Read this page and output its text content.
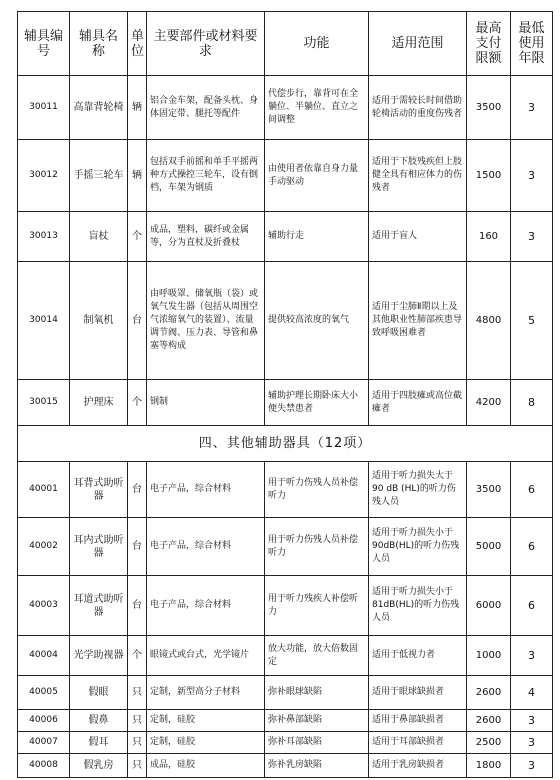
辅具编号	辅具名称	单位	主要部件或材料要求	功能	适用范围	最高支付限额	最低使用年限
30011	高靠背轮椅	辆	铝合金车架，配备头枕、身体固定带、腿托等配件	代偿步行，靠背可在全躺位、半躺位、直立之间调整	适用于需较长时间借助轮椅活动的重度伤残者	3500	3
30012	手摇三轮车	辆	包括双手前摇和单手平摇两种方式操控三轮车，设有倒档，车架为钢质	由使用者依靠自身力量手动驱动	适用于下肢残疾但上肢健全具有相应体力的伤残者	1500	3
30013	盲杖	个	成品，塑料，碳纤或金属等，分为直杖及折叠杖	辅助行走	适用于盲人	160	3
30014	制氧机	台	由呼吸罩、储氧瓶（袋）或氧气发生器（包括从周围空气浓缩氧气的装置）、流量调节阀、压力表、导管和鼻塞等构成	提供较高浓度的氧气	适用于尘肺Ⅱ期以上及其他职业性肺部疾患导致呼吸困难者	4800	5
30015	护理床	个	钢制	辅助护理长期卧床大小便失禁患者	适用于四肢瘫或高位截瘫者	4200	8
四、其他辅助器具（12项）							
40001	耳背式助听器	台	电子产品，综合材料	用于听力伤残人员补偿听力	适用于听力损失大于 90 dB (HL)的听力伤残人员	3500	6
40002	耳内式助听器	台	电子产品，综合材料	用于听力伤残人员补偿听力	适用于听力损失小于90dB(HL)的听力伤残人员	5000	6
40003	耳道式助听器	台	电子产品，综合材料	用于听力残疾人补偿听力	适用于听力损失小于 81dB(HL)的听力伤残人员	6000	6
40004	光学助视器	个	眼镜式或台式，光学镜片	放大功能，放大倍数固定	适用于低视力者	1000	3
40005	假眼	只	定制，新型高分子材料	弥补眼球缺陷	适用于眼球缺损者	2600	4
40006	假鼻	只	定制，硅胶	弥补鼻部缺陷	适用于鼻部缺损者	2600	3
40007	假耳	只	定制，硅胶	弥补耳部缺陷	适用于耳部缺损者	2500	3
40008	假乳房	只	成品，硅胶	弥补乳房缺陷	适用于乳房缺损者	1800	3
